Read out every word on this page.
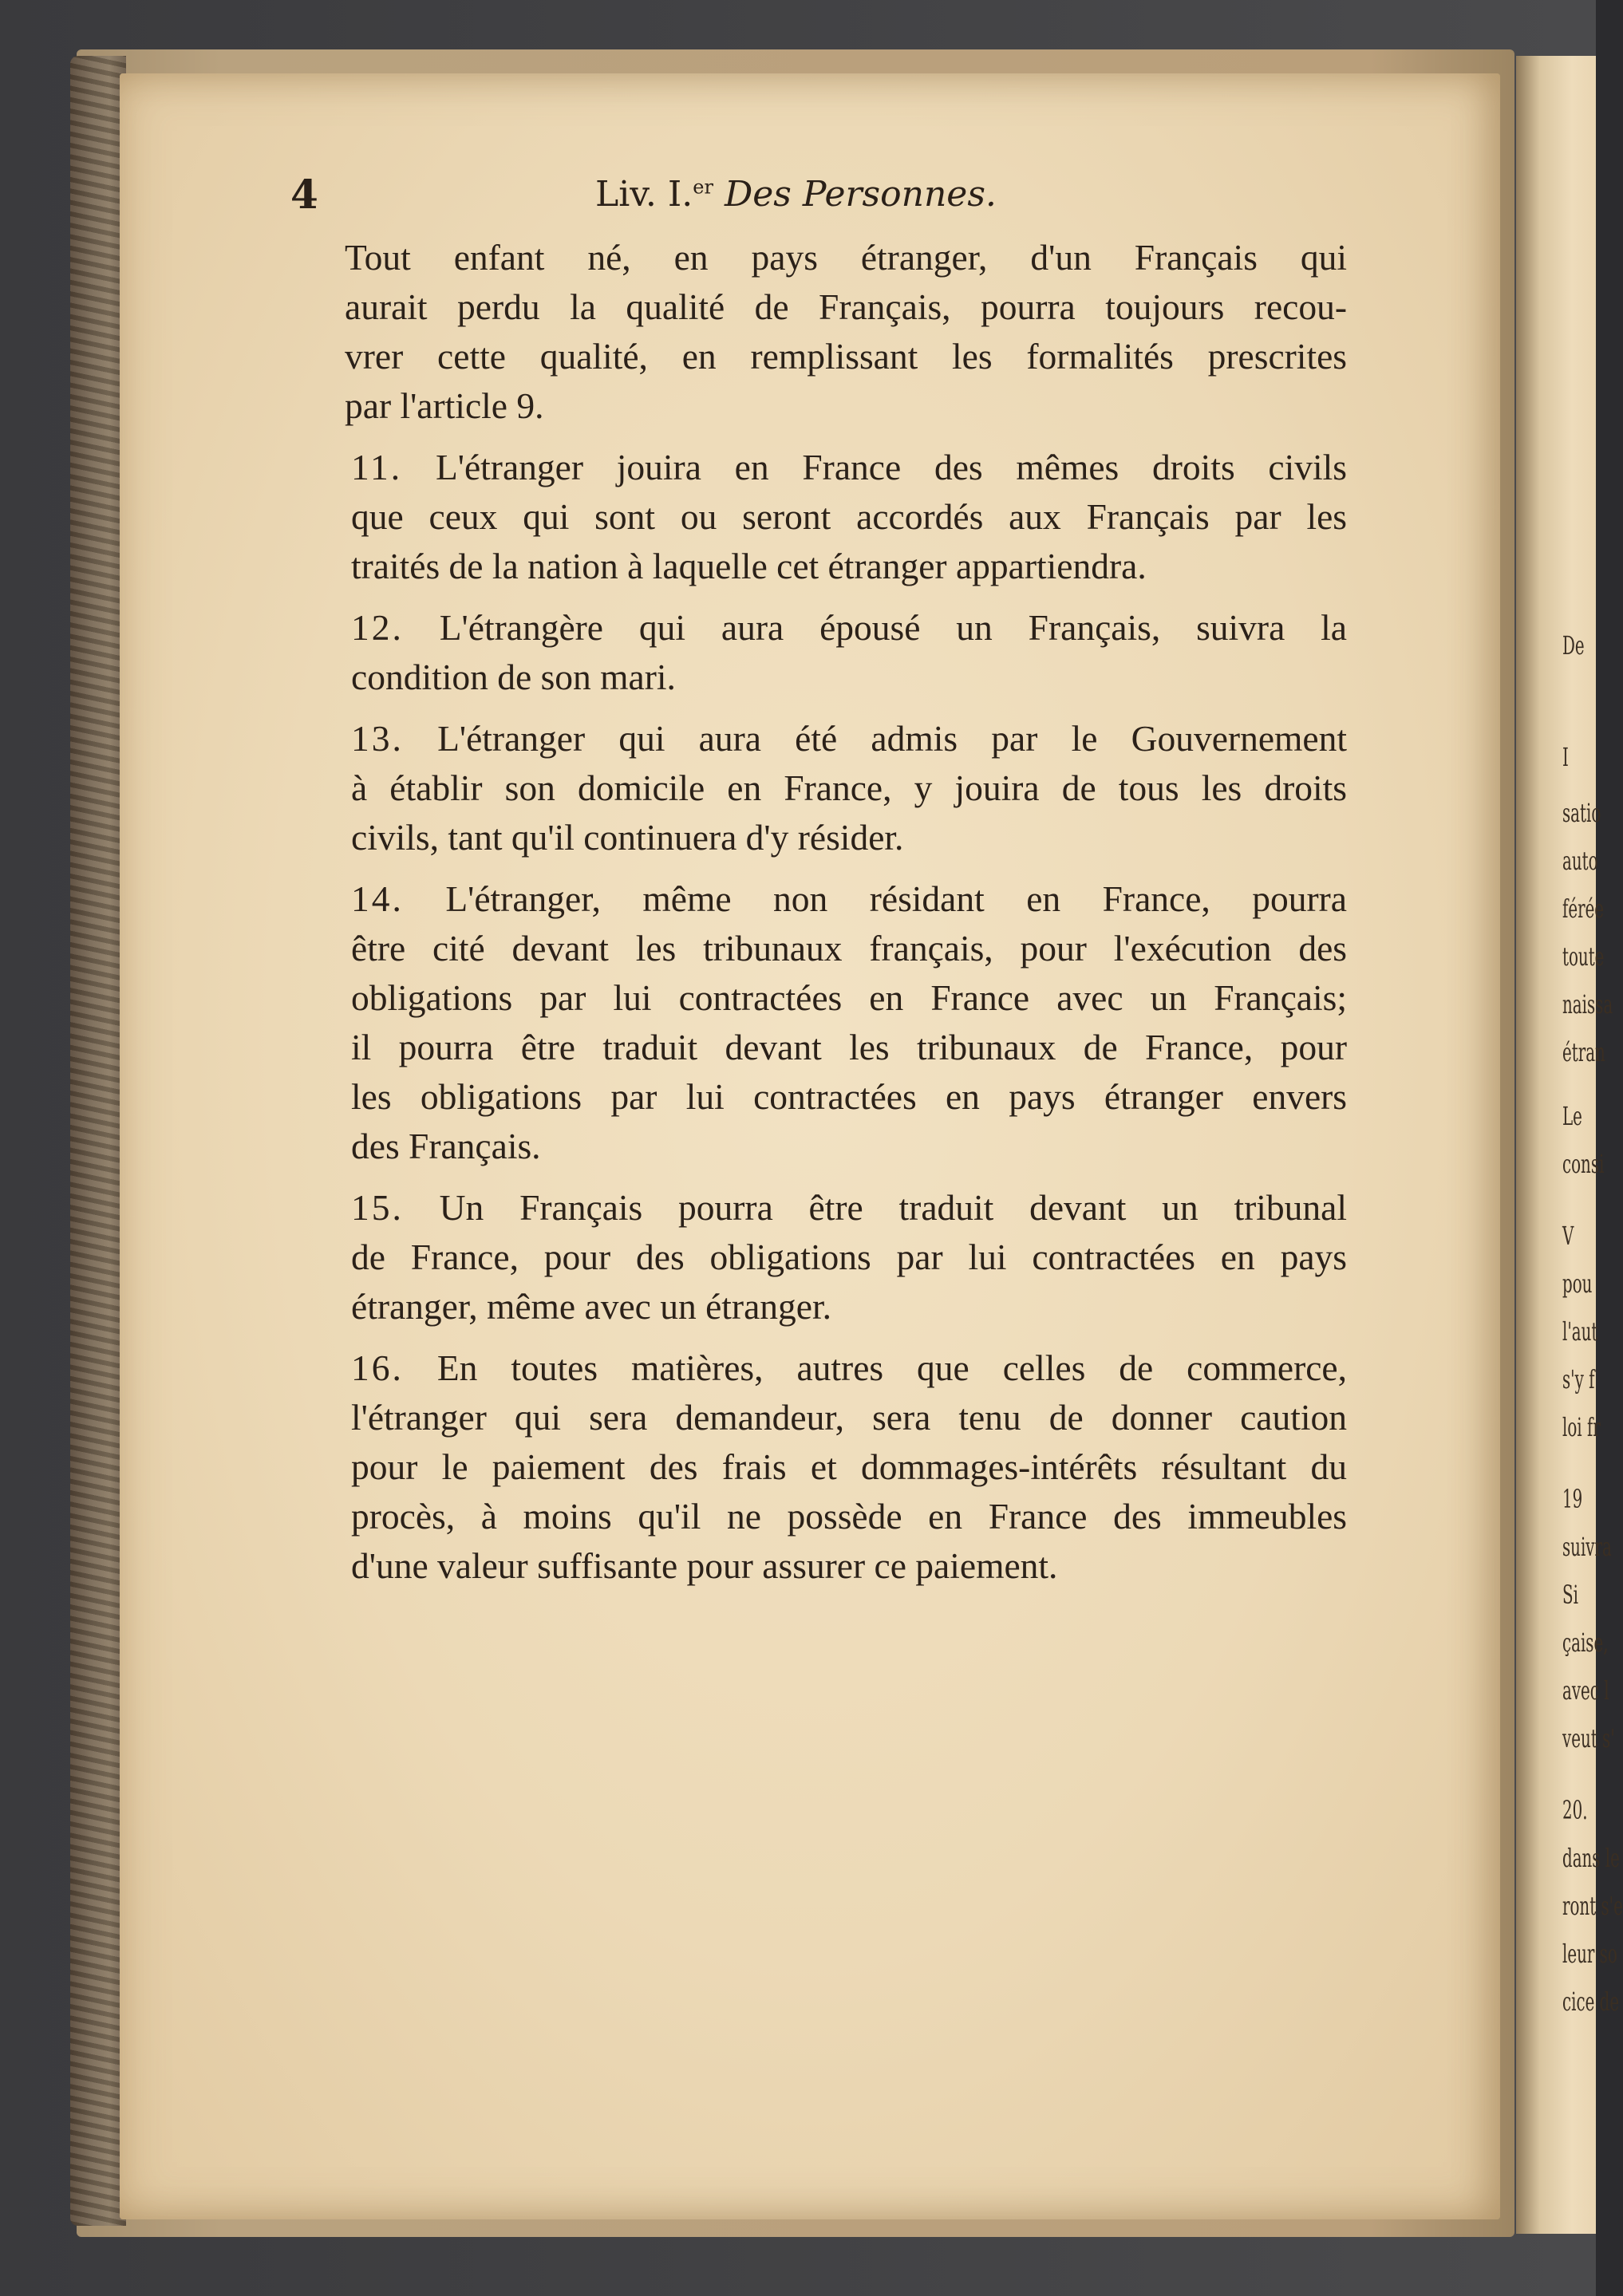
De
I
satio
auto
férée
toute
naissa
étran
Le
consi
V
pou
l'aut
s'y f
loi fr
19
suivra
Si
çaise,
avec l
veut s'
20.
dans le
ront s'e
leur so
cice de
4	Liv. I.$^{er}$ Des Personnes.

Tout enfant né, en pays étranger, d'un Français qui
aurait perdu la qualité de Français, pourra toujours recou-
vrer cette qualité, en remplissant les formalités prescrites
par l'article 9.

11. L'étranger jouira en France des mêmes droits civils
que ceux qui sont ou seront accordés aux Français par les
traités de la nation à laquelle cet étranger appartiendra.

12. L'étrangère qui aura épousé un Français, suivra la
condition de son mari.

13. L'étranger qui aura été admis par le Gouvernement
à établir son domicile en France, y jouira de tous les droits
civils, tant qu'il continuera d'y résider.

14. L'étranger, même non résidant en France, pourra
être cité devant les tribunaux français, pour l'exécution des
obligations par lui contractées en France avec un Français;
il pourra être traduit devant les tribunaux de France, pour
les obligations par lui contractées en pays étranger envers
des Français.

15. Un Français pourra être traduit devant un tribunal
de France, pour des obligations par lui contractées en pays
étranger, même avec un étranger.

16. En toutes matières, autres que celles de commerce,
l'étranger qui sera demandeur, sera tenu de donner caution
pour le paiement des frais et dommages-intérêts résultant du
procès, à moins qu'il ne possède en France des immeubles
d'une valeur suffisante pour assurer ce paiement.
